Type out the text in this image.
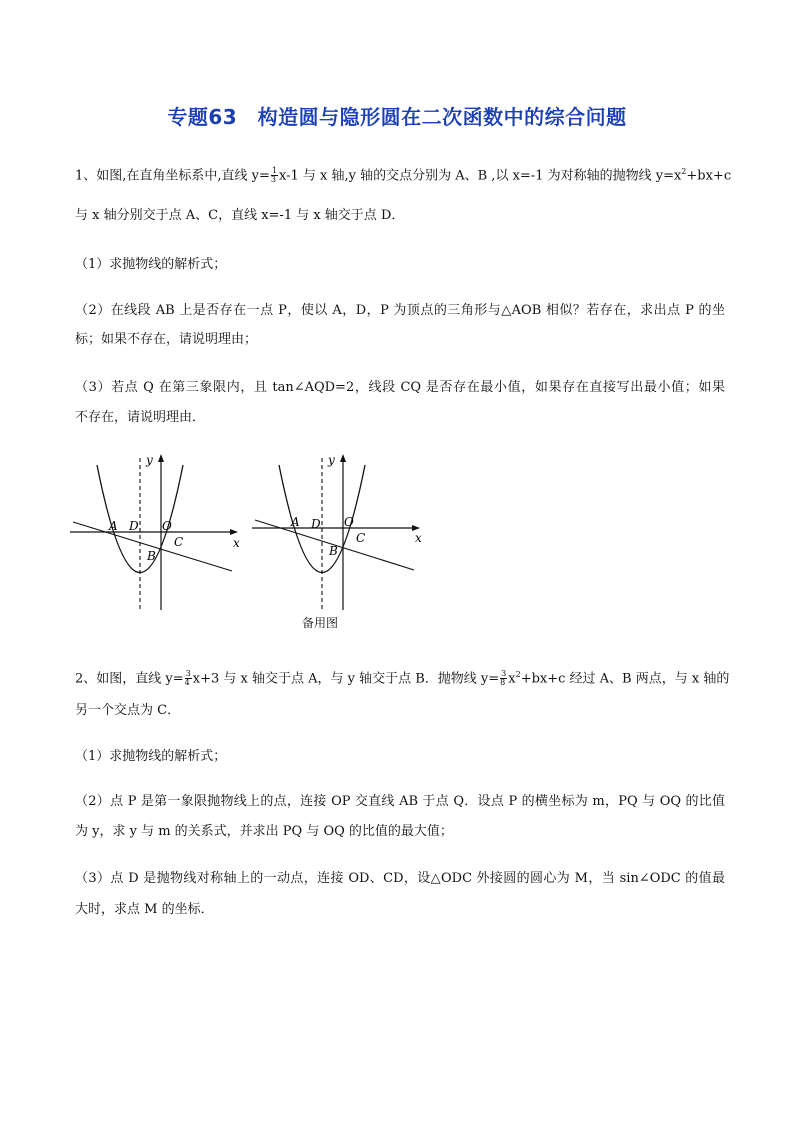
专题63　构造圆与隐形圆在二次函数中的综合问题
1、如图,在直角坐标系中,直线 $y= \frac{1}{3} x-1$ 与 x 轴,y 轴的交点分别为 A、B ,以 x=-1 为对称轴的抛物线 $y=x^2+bx+c$
与 x 轴分别交于点 A、C，直线 x=-1 与 x 轴交于点 D．
（1）求抛物线的解析式；
（2）在线段 AB 上是否存在一点 P，使以 A，D，P 为顶点的三角形与△AOB 相似？若存在，求出点 P 的坐
标；如果不存在，请说明理由；
（3）若点 Q 在第三象限内，且 tan∠AQD=2，线段 CQ 是否存在最小值，如果存在直接写出最小值；如果
不存在，请说明理由．
y
x
A D O
B
C
y
x
A D O
B
C
备用图
2、如图，直线 $y= \frac{3}{4} x+3$ 与 x 轴交于点 A，与 y 轴交于点 B．抛物线 $y= \frac{3}{8} x^2+bx+c$ 经过 A、B 两点，与 x 轴的
另一个交点为 C．
（1）求抛物线的解析式；
（2）点 P 是第一象限抛物线上的点，连接 OP 交直线 AB 于点 Q．设点 P 的横坐标为 m，PQ 与 OQ 的比值
为 y，求 y 与 m 的关系式，并求出 PQ 与 OQ 的比值的最大值；
（3）点 D 是抛物线对称轴上的一动点，连接 OD、CD，设△ODC 外接圆的圆心为 M，当 sin∠ODC 的值最
大时，求点 M 的坐标．
